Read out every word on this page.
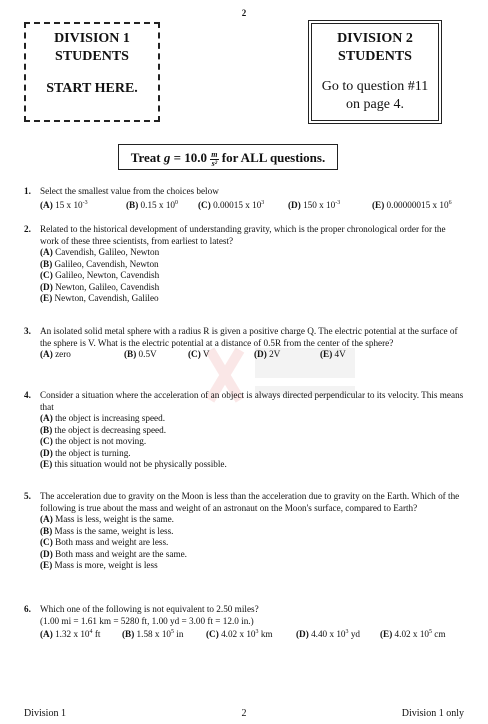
2
DIVISION 1
STUDENTS
START HERE.
DIVISION 2
STUDENTS
Go to question #11
on page 4.
Treat $g = 10.0 \frac{m}{\text{s²}}$ for ALL questions.
1. Select the smallest value from the choices below
(A) 15 x $10^{-3}$	(B) 0.15 x $10^0$	(C) 0.00015 x $10^3$	(D) 150 x $10^{-3}$	(E) 0.00000015 x $10^6$
2. Related to the historical development of understanding gravity, which is the proper chronological order for the work of these three scientists, from earliest to latest?
(A) Cavendish, Galileo, Newton
(B) Galileo, Cavendish, Newton
(C) Galileo, Newton, Cavendish
(D) Newton, Galileo, Cavendish
(E) Newton, Cavendish, Galileo
3. An isolated solid metal sphere with a radius R is given a positive charge Q. The electric potential at the surface of the sphere is V. What is the electric potential at a distance of 0.5R from the center of the sphere?
(A) zero	(B) 0.5V	(C) V	(D) 2V	(E) 4V
4. Consider a situation where the acceleration of an object is always directed perpendicular to its velocity. This means that
(A) the object is increasing speed.
(B) the object is decreasing speed.
(C) the object is not moving.
(D) the object is turning.
(E) this situation would not be physically possible.
5. The acceleration due to gravity on the Moon is less than the acceleration due to gravity on the Earth. Which of the following is true about the mass and weight of an astronaut on the Moon's surface, compared to Earth?
(A) Mass is less, weight is the same.
(B) Mass is the same, weight is less.
(C) Both mass and weight are less.
(D) Both mass and weight are the same.
(E) Mass is more, weight is less
6. Which one of the following is not equivalent to 2.50 miles?
(1.00 mi = 1.61 km = 5280 ft, 1.00 yd = 3.00 ft = 12.0 in.)
(A) 1.32 x $10^4$ ft	(B) 1.58 x $10^5$ in	(C) 4.02 x $10^3$ km	(D) 4.40 x $10^3$ yd	(E) 4.02 x $10^5$ cm
Division 1	2	Division 1 only
